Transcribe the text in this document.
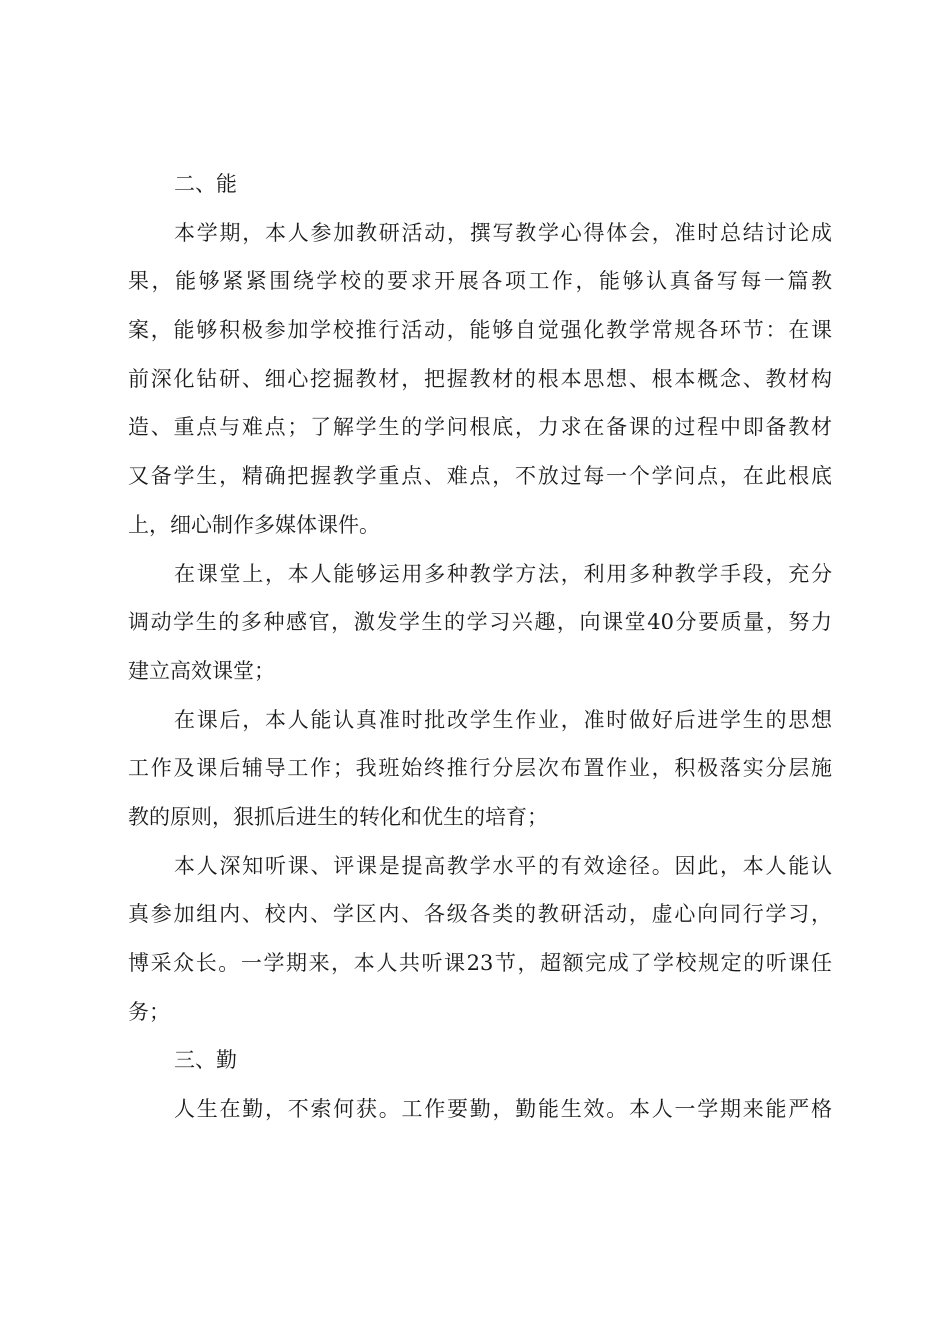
二、能
本学期，本人参加教研活动，撰写教学心得体会，准时总结讨论成
果，能够紧紧围绕学校的要求开展各项工作，能够认真备写每一篇教
案，能够积极参加学校推行活动，能够自觉强化教学常规各环节：在课
前深化钻研、细心挖掘教材，把握教材的根本思想、根本概念、教材构
造、重点与难点；了解学生的学问根底，力求在备课的过程中即备教材
又备学生，精确把握教学重点、难点，不放过每一个学问点，在此根底
上，细心制作多媒体课件。
在课堂上，本人能够运用多种教学方法，利用多种教学手段，充分
调动学生的多种感官，激发学生的学习兴趣，向课堂40分要质量，努力
建立高效课堂；
在课后，本人能认真准时批改学生作业，准时做好后进学生的思想
工作及课后辅导工作；我班始终推行分层次布置作业，积极落实分层施
教的原则，狠抓后进生的转化和优生的培育；
本人深知听课、评课是提高教学水平的有效途径。因此，本人能认
真参加组内、校内、学区内、各级各类的教研活动，虚心向同行学习，
博采众长。一学期来，本人共听课23节，超额完成了学校规定的听课任
务；
三、勤
人生在勤，不索何获。工作要勤，勤能生效。本人一学期来能严格
